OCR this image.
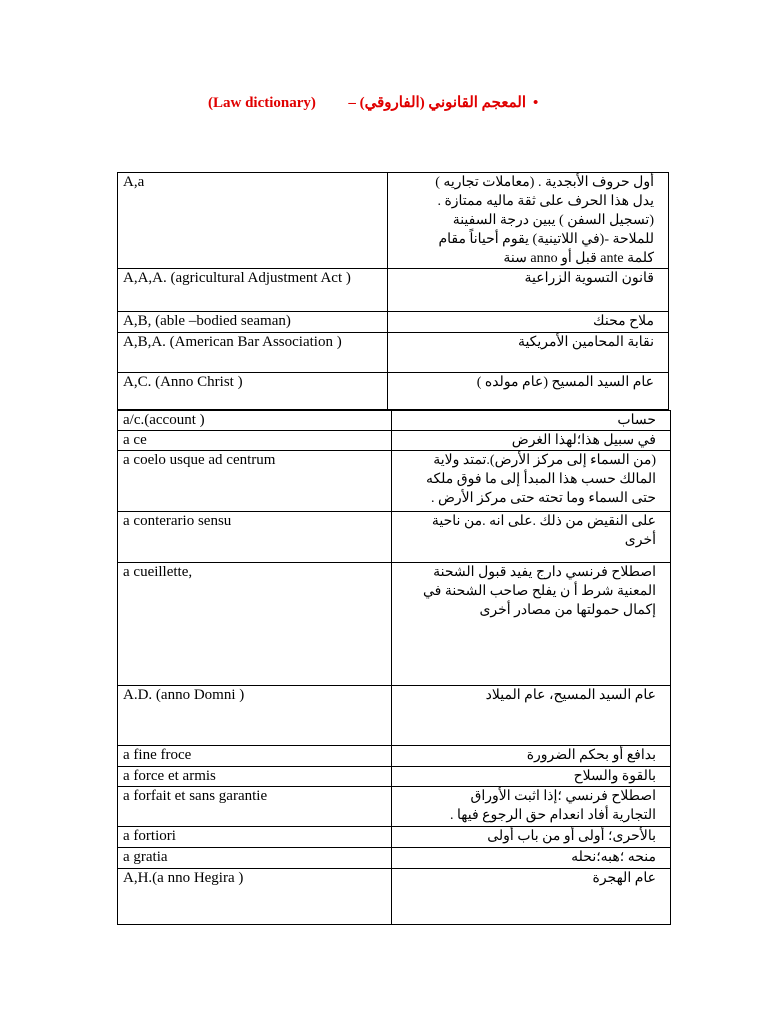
•
المعجم القانوني (الفاروقي) –
(Law dictionary)
A,a	أول حروف الأبجدية . (معاملات تجاريه )
يدل هذا الحرف على ثقة ماليه ممتازة .
(تسجيل السفن ) يبين درجة السفينة
للملاحة -(في اللاتينية) يقوم أحياناً مقام
كلمة ante قبل أو anno سنة

A,A,A. (agricultural Adjustment Act )	قانون التسوية الزراعية

A,B, (able –bodied seaman)	ملاح محنك

A,B,A. (American Bar Association )	نقابة المحامين الأمريكية

A,C. (Anno Christ )	عام السيد المسيح (عام مولده )
a/c.(account )	حساب

a ce	في سبيل هذا؛لهذا الغرض

a coelo usque ad centrum	(من السماء إلى مركز الأرض).تمتد ولاية
المالك حسب هذا المبدأ إلى ما فوق ملكه
حتى السماء وما تحته حتى مركز الأرض .

a conterario sensu	على النقيض من ذلك .على انه .من ناحية
أخرى

a cueillette,	اصطلاح فرنسي دارج يفيد قبول الشحنة
المعنية شرط أ ن يفلح صاحب الشحنة في
إكمال حمولتها من مصادر أخرى

A.D. (anno Domni )	عام السيد المسيح، عام الميلاد

a fine froce	بدافع أو بحكم الضرورة

a force et armis	بالقوة والسلاح

a forfait et sans garantie	اصطلاح فرنسي ؛إذا اثبت الأوراق
التجارية أفاد انعدام حق الرجوع فيها .

a fortiori	بالأحرى؛ أولى أو من باب أولى

a gratia	منحه ؛هبه؛نحله

A,H.(a nno Hegira )	عام الهجرة
